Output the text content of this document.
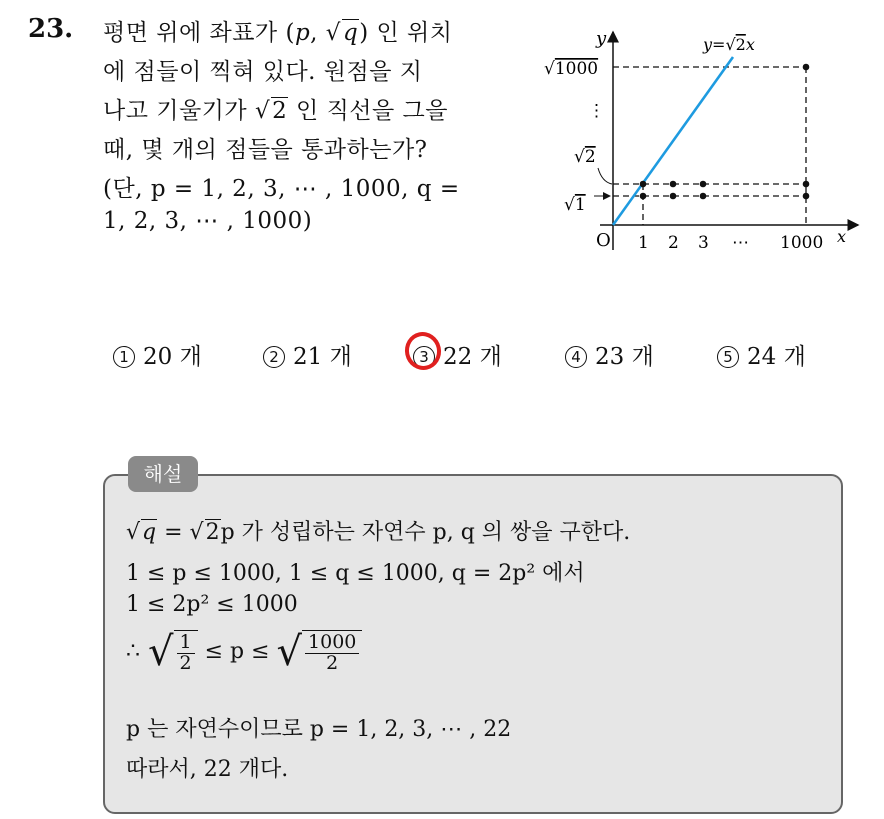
23. 평면 위에 좌표가 (p, √q) 인 위치
에 점들이 찍혀 있다. 원점을 지
나고 기울기가 √2 인 직선을 그을
때, 몇 개의 점들을 통과하는가?
(단, p = 1, 2, 3, ⋯ , 1000, q =
1, 2, 3, ⋯ , 1000)
y
x
O
y=√2x
√1000
⋮
√2
√1
1 2 3 ⋯ 1000
1 20 개	2 21 개	3 22 개	4 23 개	5 24 개
해설
√q = √2p 가 성립하는 자연수 p, q 의 쌍을 구한다.
1 ≤ p ≤ 1000, 1 ≤ q ≤ 1000, q = 2p² 에서
1 ≤ 2p² ≤ 1000
∴ √ $\frac{1}{2} \le p$ ≤ √ $\frac{1000}{2}$
p 는 자연수이므로 p = 1, 2, 3, ⋯ , 22
따라서, 22 개다.
